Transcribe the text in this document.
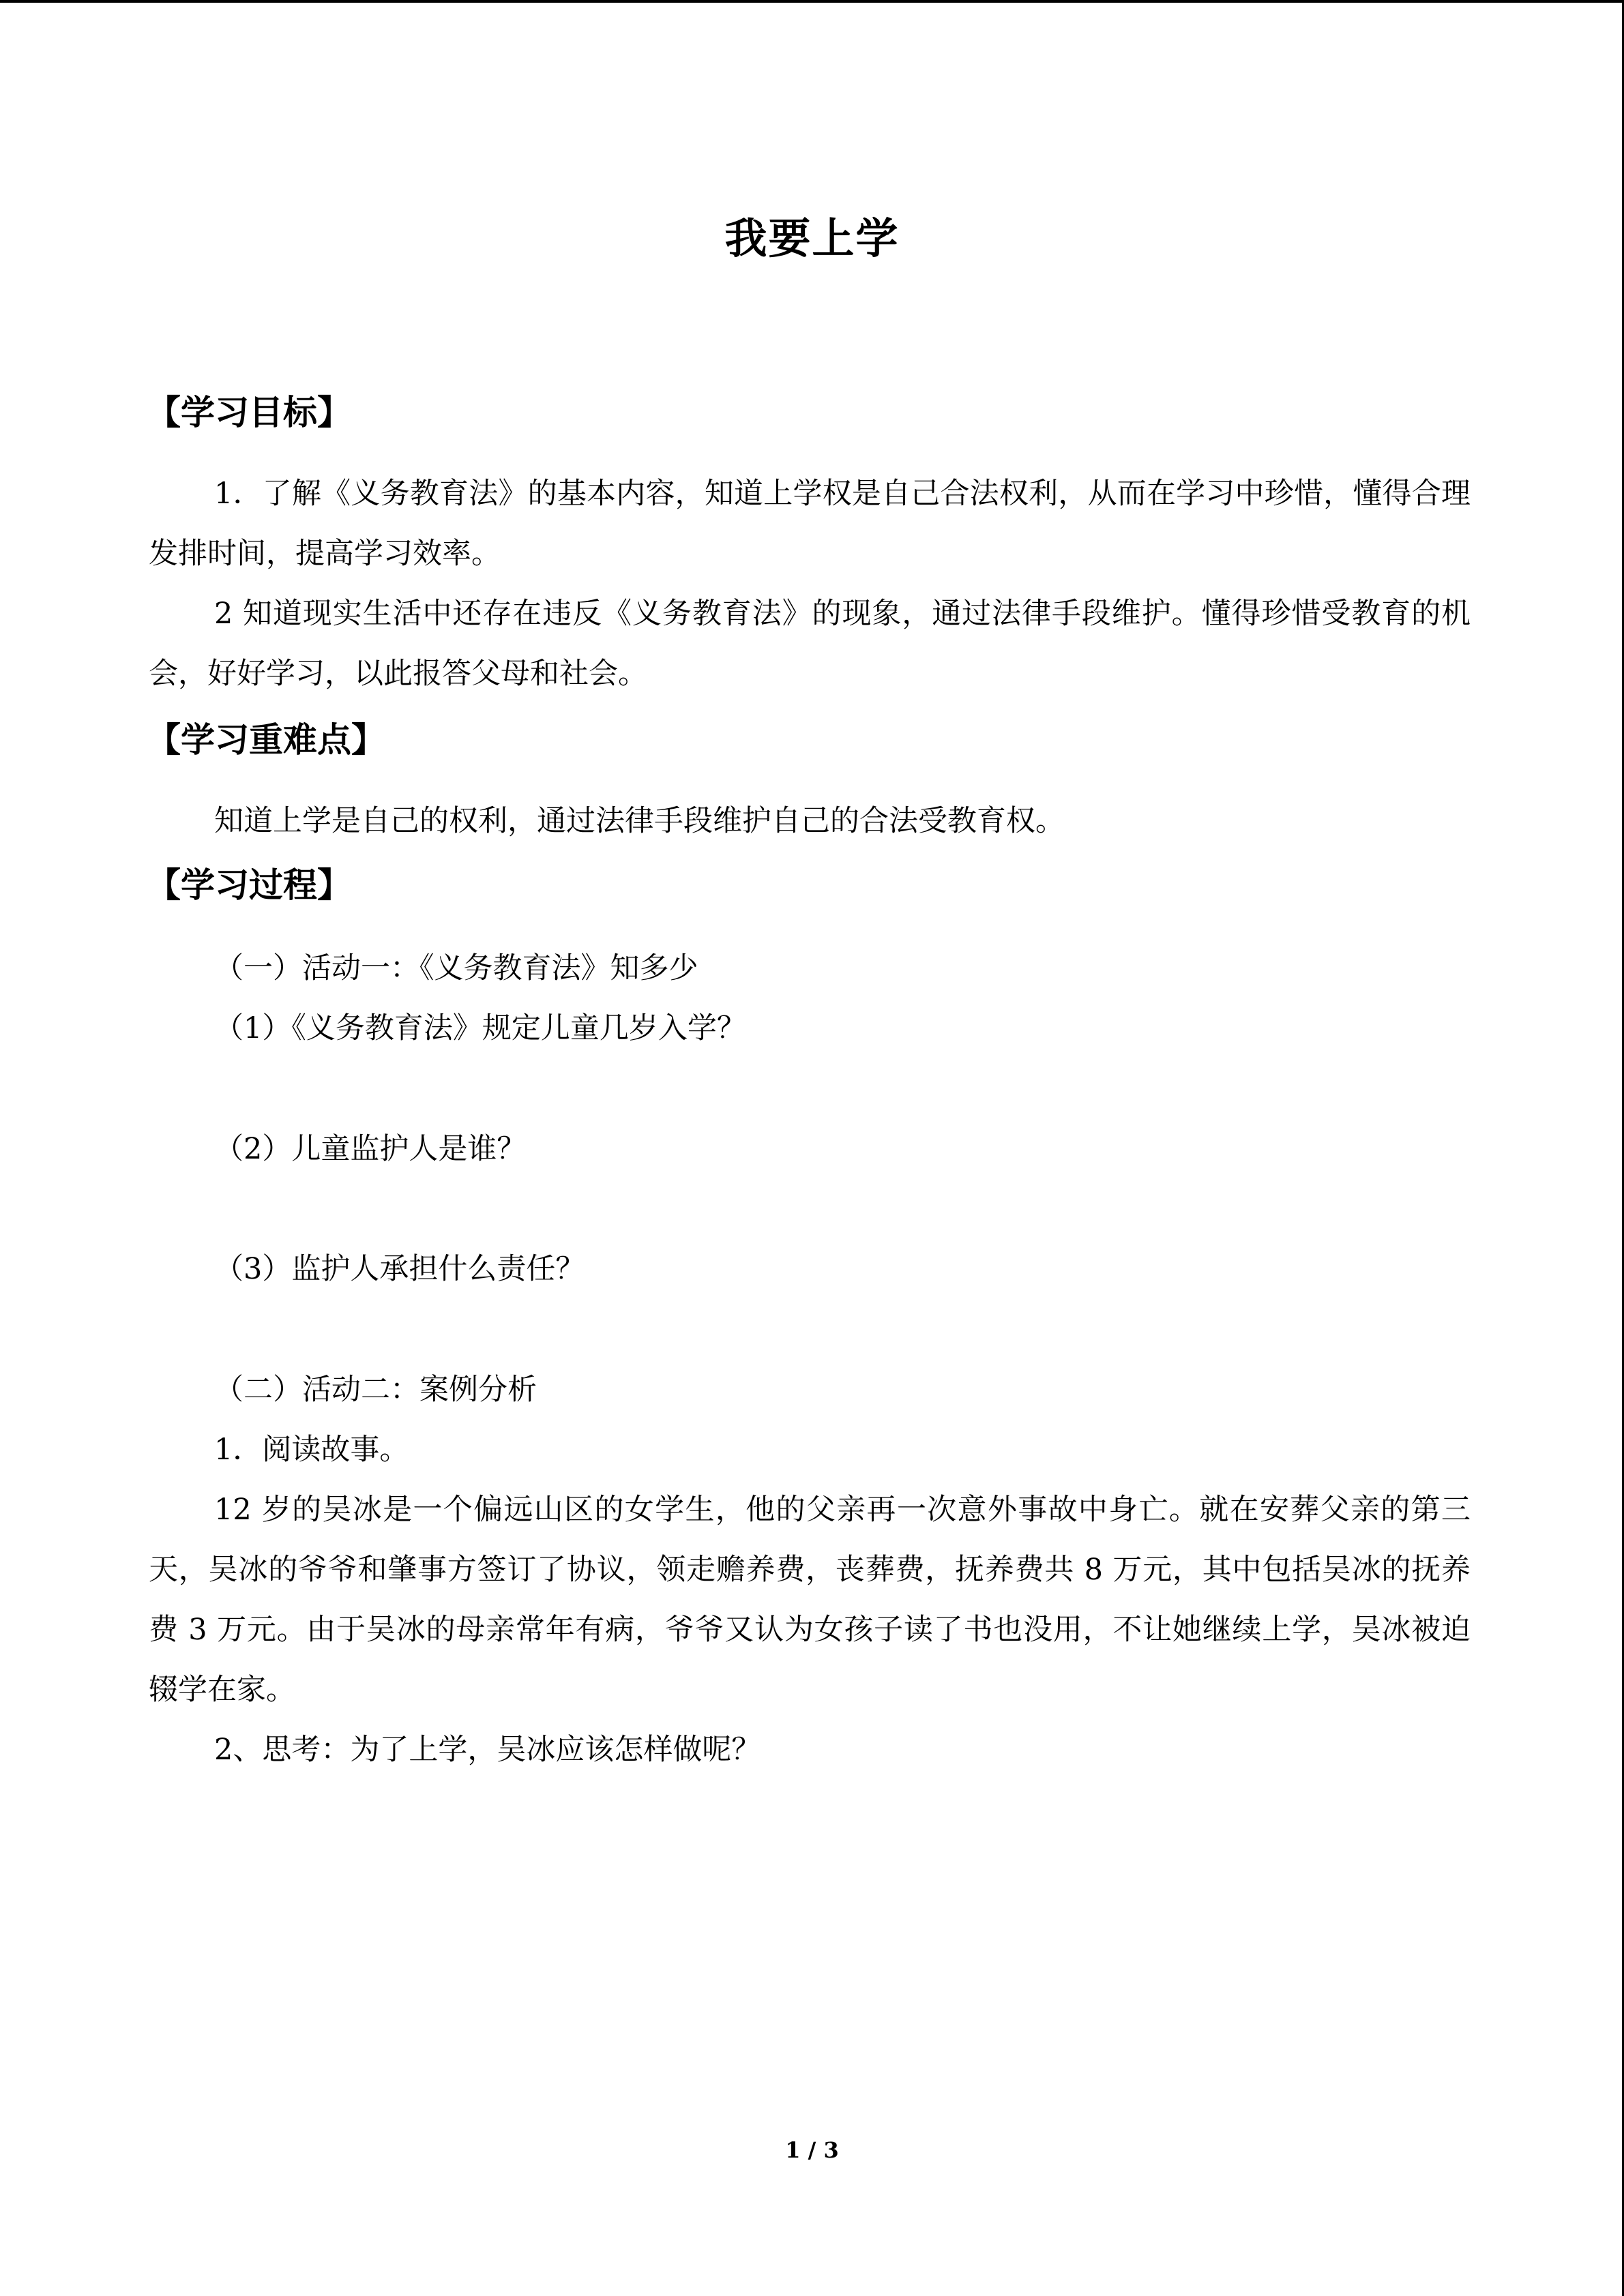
我要上学
【学习目标】

1．了解《义务教育法》的基本内容，知道上学权是自己合法权利，从而在学习中珍惜，懂得合理发排时间，提高学习效率。

2 知道现实生活中还存在违反《义务教育法》的现象，通过法律手段维护。懂得珍惜受教育的机会，好好学习，以此报答父母和社会。

【学习重难点】

知道上学是自己的权利，通过法律手段维护自己的合法受教育权。

【学习过程】
（一）活动一：《义务教育法》知多少
（1）《义务教育法》规定儿童几岁入学？
（2）儿童监护人是谁？
（3）监护人承担什么责任？
（二）活动二：案例分析
1．阅读故事。

12 岁的吴冰是一个偏远山区的女学生，他的父亲再一次意外事故中身亡。就在安葬父亲的第三天，吴冰的爷爷和肇事方签订了协议，领走赡养费，丧葬费，抚养费共 8 万元，其中包括吴冰的抚养费 3 万元。由于吴冰的母亲常年有病，爷爷又认为女孩子读了书也没用，不让她继续上学，吴冰被迫辍学在家。

2、思考：为了上学，吴冰应该怎样做呢？
1 / 3
